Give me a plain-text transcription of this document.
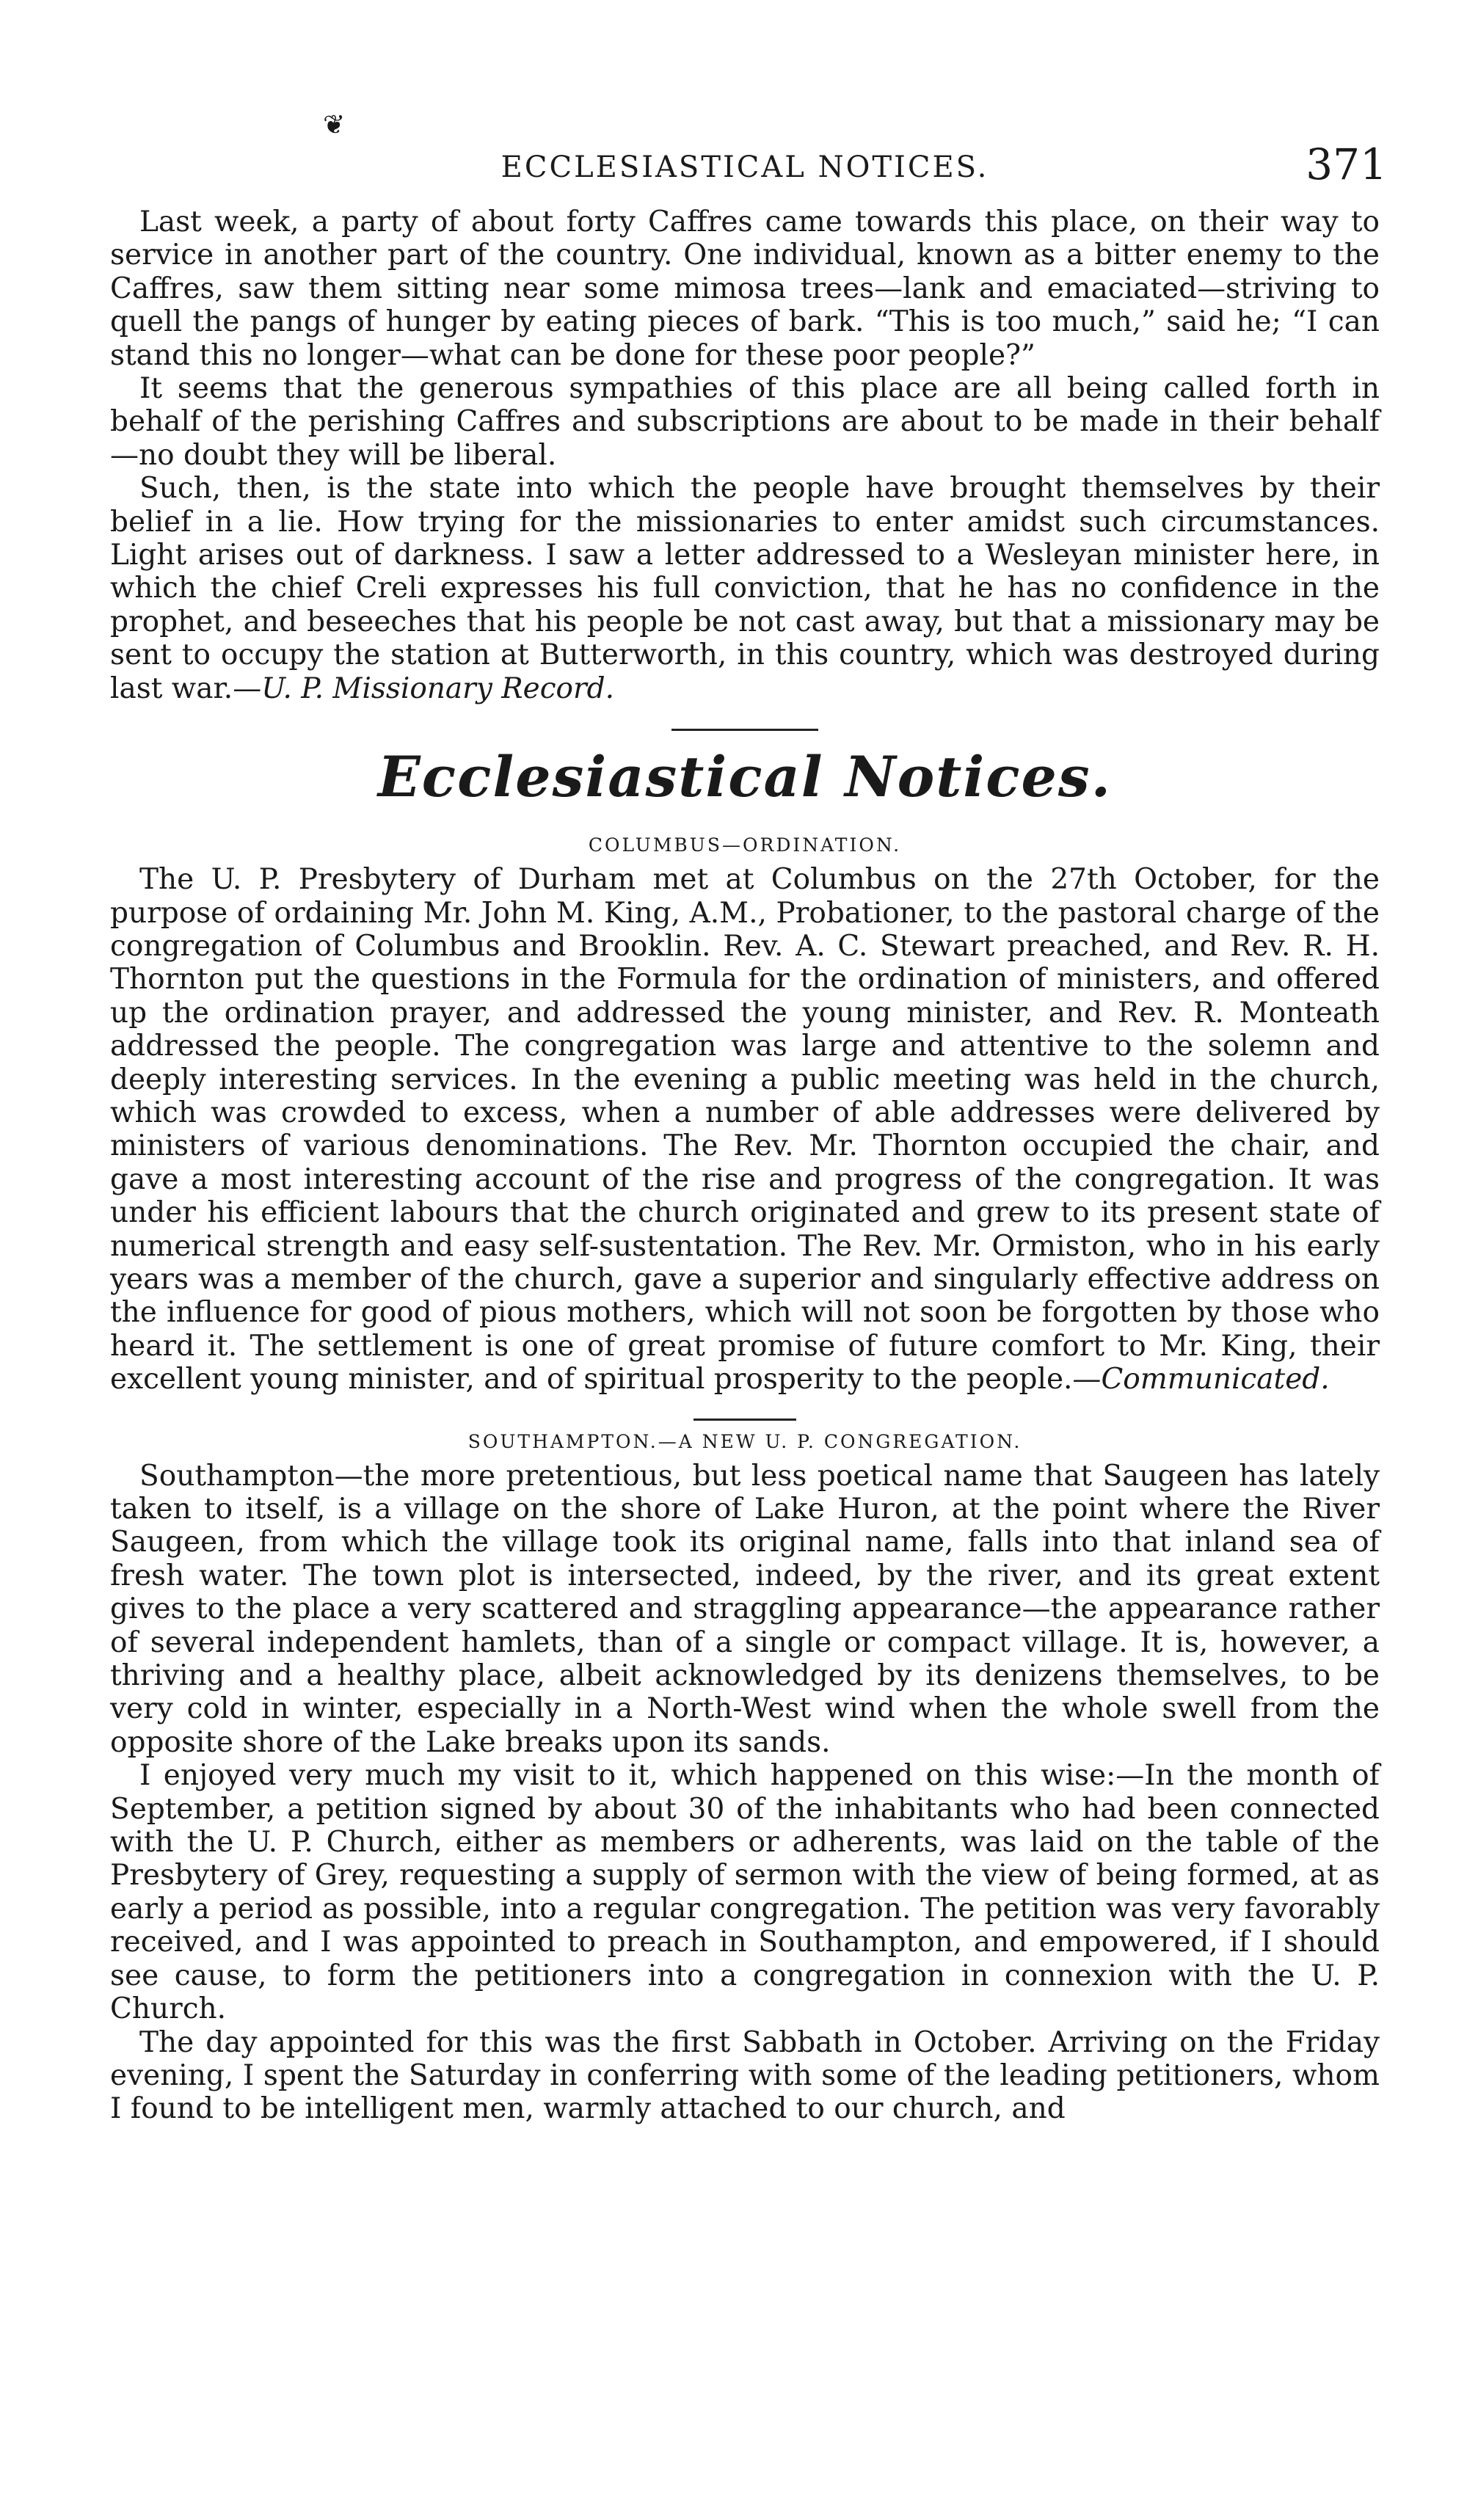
❦
ECCLESIASTICAL NOTICES.	371

Last week, a party of about forty Caffres came towards this place, on their way to service in another part of the country. One individual, known as a bitter enemy to the Caffres, saw them sitting near some mimosa trees—lank and emaciated—striving to quell the pangs of hunger by eating pieces of bark. “This is too much,” said he; “I can stand this no longer—what can be done for these poor people?”

It seems that the generous sympathies of this place are all being called forth in behalf of the perishing Caffres and subscriptions are about to be made in their behalf—no doubt they will be liberal.

Such, then, is the state into which the people have brought themselves by their belief in a lie. How trying for the missionaries to enter amidst such circumstances. Light arises out of darkness. I saw a letter addressed to a Wesleyan minister here, in which the chief Creli expresses his full conviction, that he has no confidence in the prophet, and beseeches that his people be not cast away, but that a missionary may be sent to occupy the station at Butterworth, in this country, which was destroyed during last war.—U. P. Missionary Record.

Ecclesiastical Notices.
COLUMBUS—ORDINATION.

The U. P. Presbytery of Durham met at Columbus on the 27th October, for the purpose of ordaining Mr. John M. King, A.M., Probationer, to the pastoral charge of the congregation of Columbus and Brooklin. Rev. A. C. Stewart preached, and Rev. R. H. Thornton put the questions in the Formula for the ordination of ministers, and offered up the ordination prayer, and addressed the young minister, and Rev. R. Monteath addressed the people. The congregation was large and attentive to the solemn and deeply interesting services. In the evening a public meeting was held in the church, which was crowded to excess, when a number of able addresses were delivered by ministers of various denominations. The Rev. Mr. Thornton occupied the chair, and gave a most interesting account of the rise and progress of the congregation. It was under his efficient labours that the church originated and grew to its present state of numerical strength and easy self-sustentation. The Rev. Mr. Ormiston, who in his early years was a member of the church, gave a superior and singularly effective address on the influence for good of pious mothers, which will not soon be forgotten by those who heard it. The settlement is one of great promise of future comfort to Mr. King, their excellent young minister, and of spiritual prosperity to the people.—Communicated.

SOUTHAMPTON.—A NEW U. P. CONGREGATION.

Southampton—the more pretentious, but less poetical name that Saugeen has lately taken to itself, is a village on the shore of Lake Huron, at the point where the River Saugeen, from which the village took its original name, falls into that inland sea of fresh water. The town plot is intersected, indeed, by the river, and its great extent gives to the place a very scattered and straggling appearance—the appearance rather of several independent hamlets, than of a single or compact village. It is, however, a thriving and a healthy place, albeit acknowledged by its denizens themselves, to be very cold in winter, especially in a North-West wind when the whole swell from the opposite shore of the Lake breaks upon its sands.

I enjoyed very much my visit to it, which happened on this wise:—In the month of September, a petition signed by about 30 of the inhabitants who had been connected with the U. P. Church, either as members or adherents, was laid on the table of the Presbytery of Grey, requesting a supply of sermon with the view of being formed, at as early a period as possible, into a regular congregation. The petition was very favorably received, and I was appointed to preach in Southampton, and empowered, if I should see cause, to form the petitioners into a congregation in connexion with the U. P. Church.

The day appointed for this was the first Sabbath in October. Arriving on the Friday evening, I spent the Saturday in conferring with some of the leading petitioners, whom I found to be intelligent men, warmly attached to our church, and
